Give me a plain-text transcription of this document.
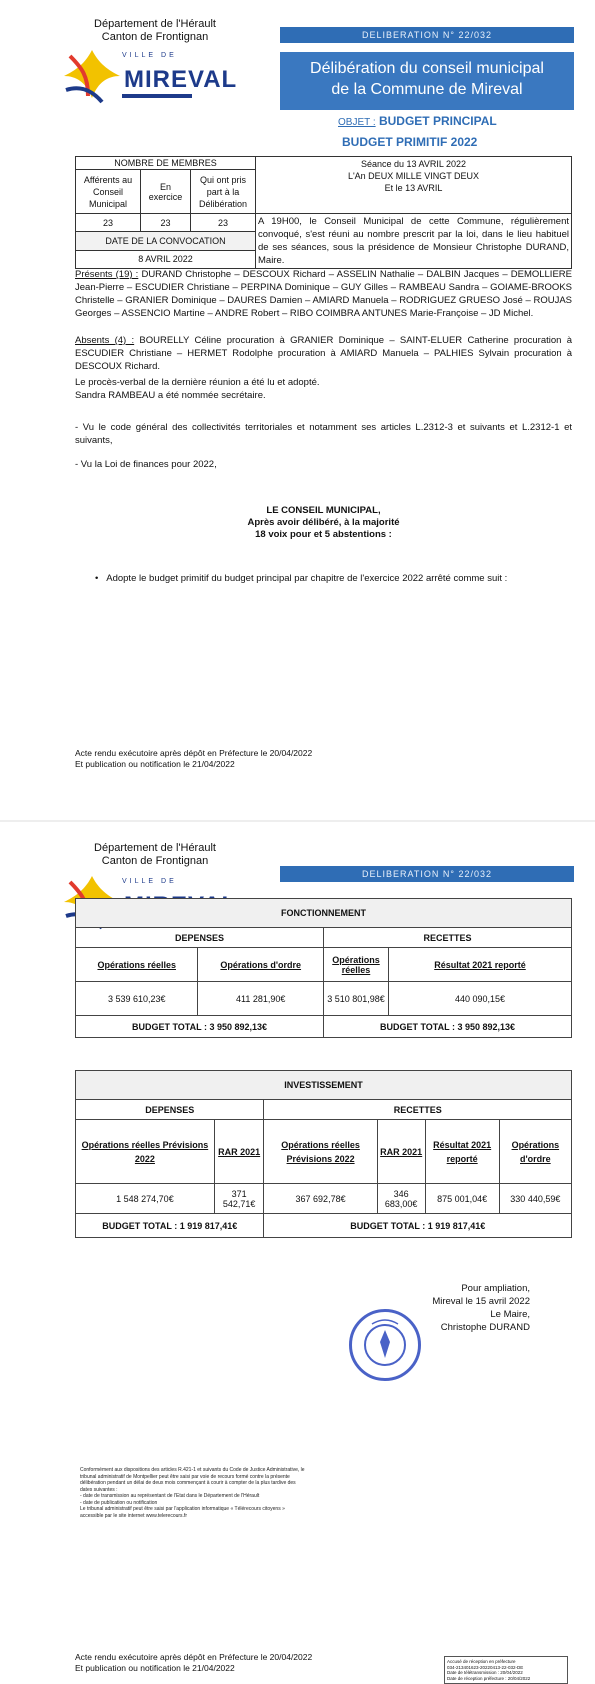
Département de l'Hérault
Canton de Frontignan
VILLE DE
MIREVAL
DELIBERATION N° 22/032
Délibération du conseil municipal
de la Commune de Mireval
OBJET : BUDGET PRINCIPAL
BUDGET PRIMITIF 2022
NOMBRE DE MEMBRES			Séance du 13 AVRIL 2022
L'An DEUX MILLE VINGT DEUX
Et le 13 AVRIL

Afférents au Conseil Municipal	En exercice	Qui ont pris part à la Délibération	
23	23	23	A 19H00, le Conseil Municipal de cette Commune, régulièrement convoqué, s'est réuni au nombre prescrit par la loi, dans le lieu habituel de ses séances, sous la présidence de Monsieur Christophe DURAND, Maire.
DATE DE LA CONVOCATION			
8 AVRIL 2022			
Présents (19) : DURAND Christophe – DESCOUX Richard – ASSELIN Nathalie – DALBIN Jacques – DEMOLLIERE Jean-Pierre – ESCUDIER Christiane – PERPINA Dominique – GUY Gilles – RAMBEAU Sandra – GOIAME-BROOKS Christelle – GRANIER Dominique – DAURES Damien – AMIARD Manuela – RODRIGUEZ GRUESO José – ROUJAS Georges – ASSENCIO Martine – ANDRE Robert – RIBO COIMBRA ANTUNES Marie-Françoise – JD Michel.
Absents (4) : BOURELLY Céline procuration à GRANIER Dominique – SAINT-ELUER Catherine procuration à ESCUDIER Christiane – HERMET Rodolphe procuration à AMIARD Manuela – PALHIES Sylvain procuration à DESCOUX Richard.
Le procès-verbal de la dernière réunion a été lu et adopté.
Sandra RAMBEAU a été nommée secrétaire.
- Vu le code général des collectivités territoriales et notamment ses articles L.2312-3 et suivants et L.2312-1 et suivants,
- Vu la Loi de finances pour 2022,
LE CONSEIL MUNICIPAL,
Après avoir délibéré, à la majorité
18 voix pour et 5 abstentions :
•   Adopte le budget primitif du budget principal par chapitre de l'exercice 2022 arrêté comme suit :
Acte rendu exécutoire après dépôt en Préfecture le 20/04/2022
Et publication ou notification le 21/04/2022
Département de l'Hérault
Canton de Frontignan
VILLE DE
DELIBERATION N° 22/032
FONCTIONNEMENT			
DEPENSES		RECETTES	
Opérations réelles	Opérations d'ordre	Opérations réelles	Résultat 2021 reporté
3 539 610,23€	411 281,90€	3 510 801,98€	440 090,15€
BUDGET TOTAL : 3 950 892,13€		BUDGET TOTAL : 3 950 892,13€	
INVESTISSEMENT					
DEPENSES		RECETTES			
Opérations réelles Prévisions 2022	RAR 2021	Opérations réelles Prévisions 2022	RAR 2021	Résultat 2021 reporté	Opérations d'ordre
1 548 274,70€	371 542,71€	367 692,78€	346 683,00€	875 001,04€	330 440,59€
BUDGET TOTAL : 1 919 817,41€		BUDGET TOTAL : 1 919 817,41€			
Pour ampliation,
Mireval le 15 avril 2022
Le Maire,
Christophe DURAND
Conformément aux dispositions des articles R.421-1 et suivants du Code de Justice Administrative, le
tribunal administratif de Montpellier peut être saisi par voie de recours formé contre la présente
délibération pendant un délai de deux mois commençant à courir à compter de la plus tardive des
dates suivantes :
- date de transmission au représentant de l'Etat dans le Département de l'Hérault
- date de publication ou notification
Le tribunal administratif peut être saisi par l'application informatique « Télérecours citoyens »
accessible par le site internet www.telerecours.fr
Acte rendu exécutoire après dépôt en Préfecture le 20/04/2022
Et publication ou notification le 21/04/2022
Accusé de réception en préfecture
034-213401623-20220413-22-032-DE
Date de télétransmission : 20/04/2022
Date de réception préfecture : 20/04/2022
